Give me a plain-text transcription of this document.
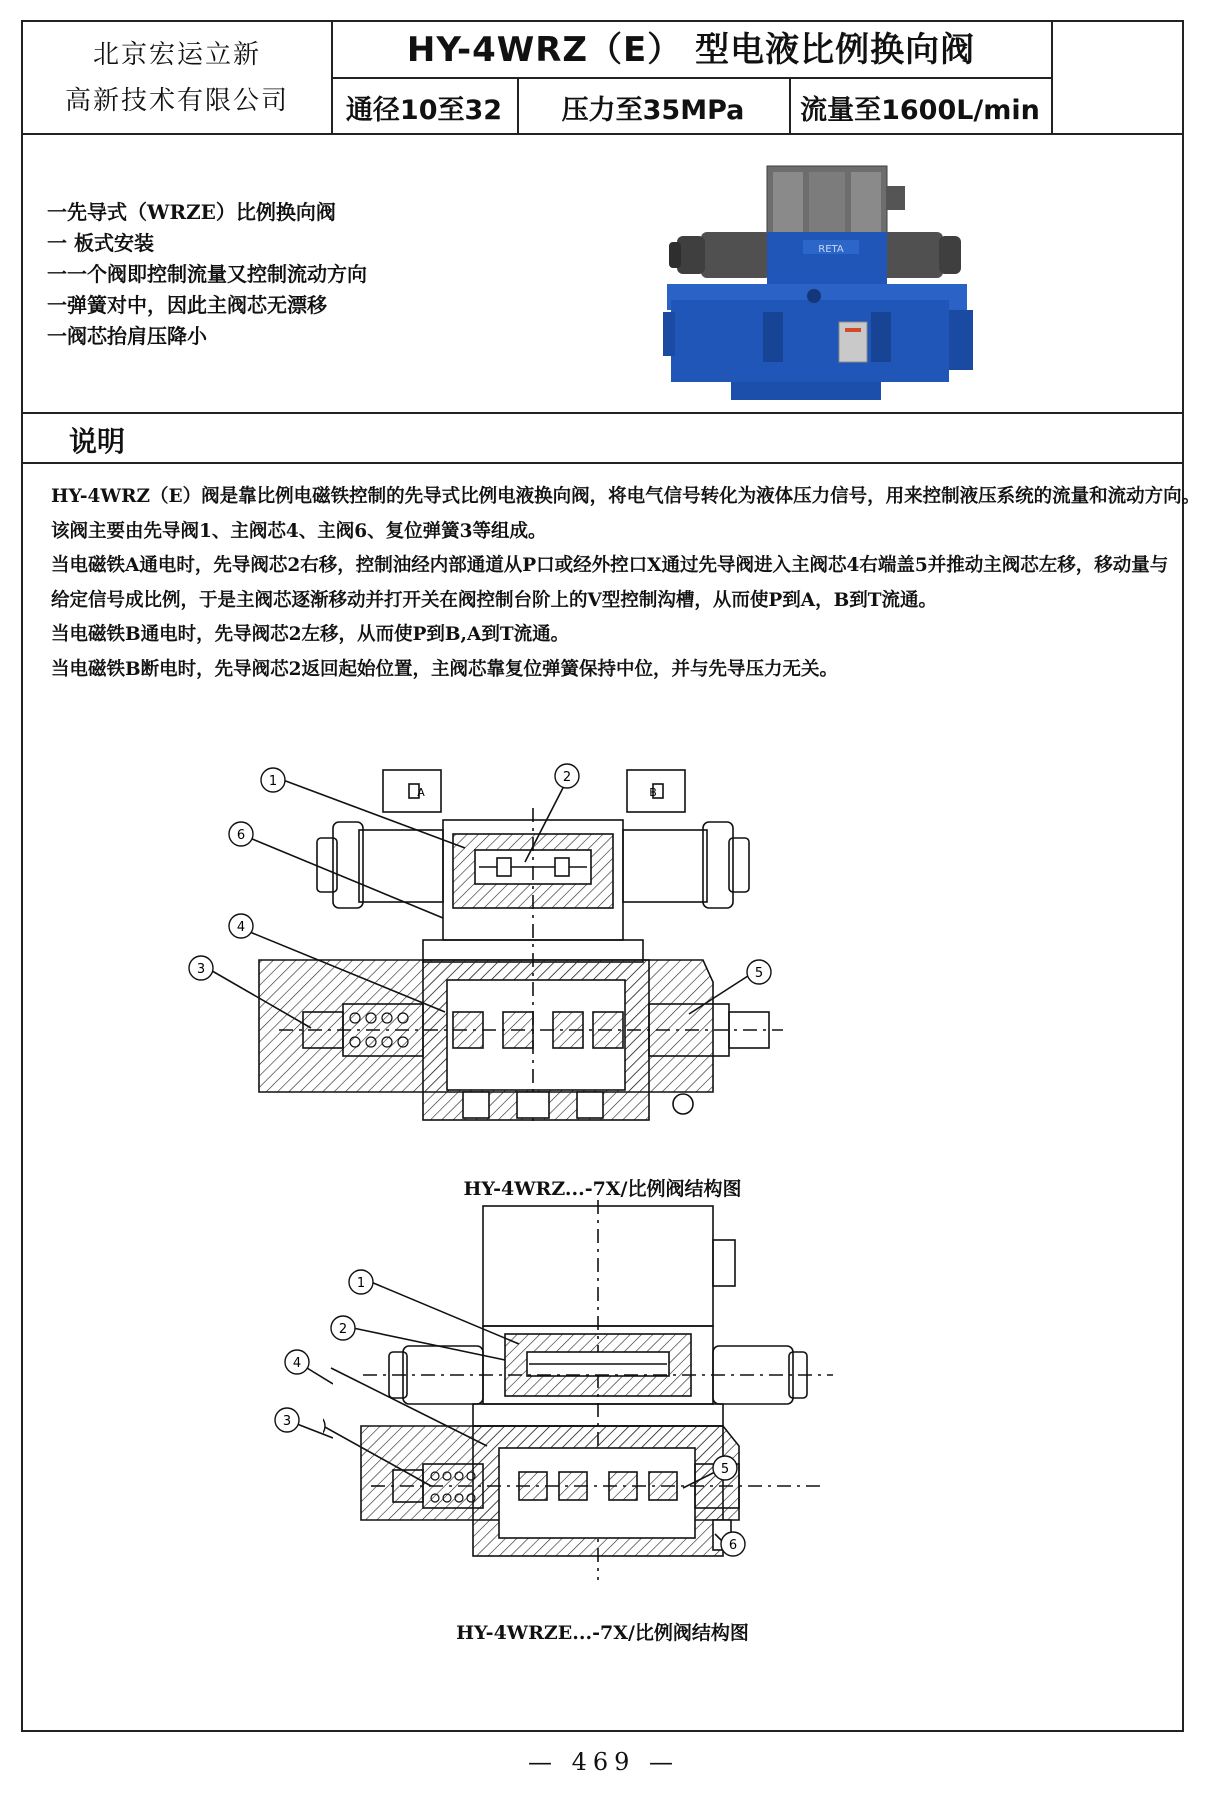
北京宏运立新
高新技术有限公司
HY-4WRZ（E） 型电液比例换向阀
通径10至32	压力至35MPa	流量至1600L/min
一先导式（WRZE）比例换向阀
一 板式安装
一一个阀即控制流量又控制流动方向
一弹簧对中，因此主阀芯无漂移
一阀芯抬肩压降小
RETA
说明
HY-4WRZ（E）阀是靠比例电磁铁控制的先导式比例电液换向阀，将电气信号转化为液体压力信号，用来控制液压系统的流量和流动方向。
该阀主要由先导阀1、主阀芯4、主阀6、复位弹簧3等组成。
当电磁铁A通电时，先导阀芯2右移，控制油经内部通道从P口或经外控口X通过先导阀进入主阀芯4右端盖5并推动主阀芯左移，移动量与
给定信号成比例，于是主阀芯逐渐移动并打开关在阀控制台阶上的V型控制沟槽，从而使P到A，B到T流通。
当电磁铁B通电时，先导阀芯2左移，从而使P到B,A到T流通。
当电磁铁B断电时，先导阀芯2返回起始位置，主阀芯靠复位弹簧保持中位，并与先导压力无关。
1	2
3
4
5
6
A	B
HY-4WRZ...-7X/比例阀结构图
1
2
5
6
4
3
HY-4WRZE...-7X/比例阀结构图
— 469 —
